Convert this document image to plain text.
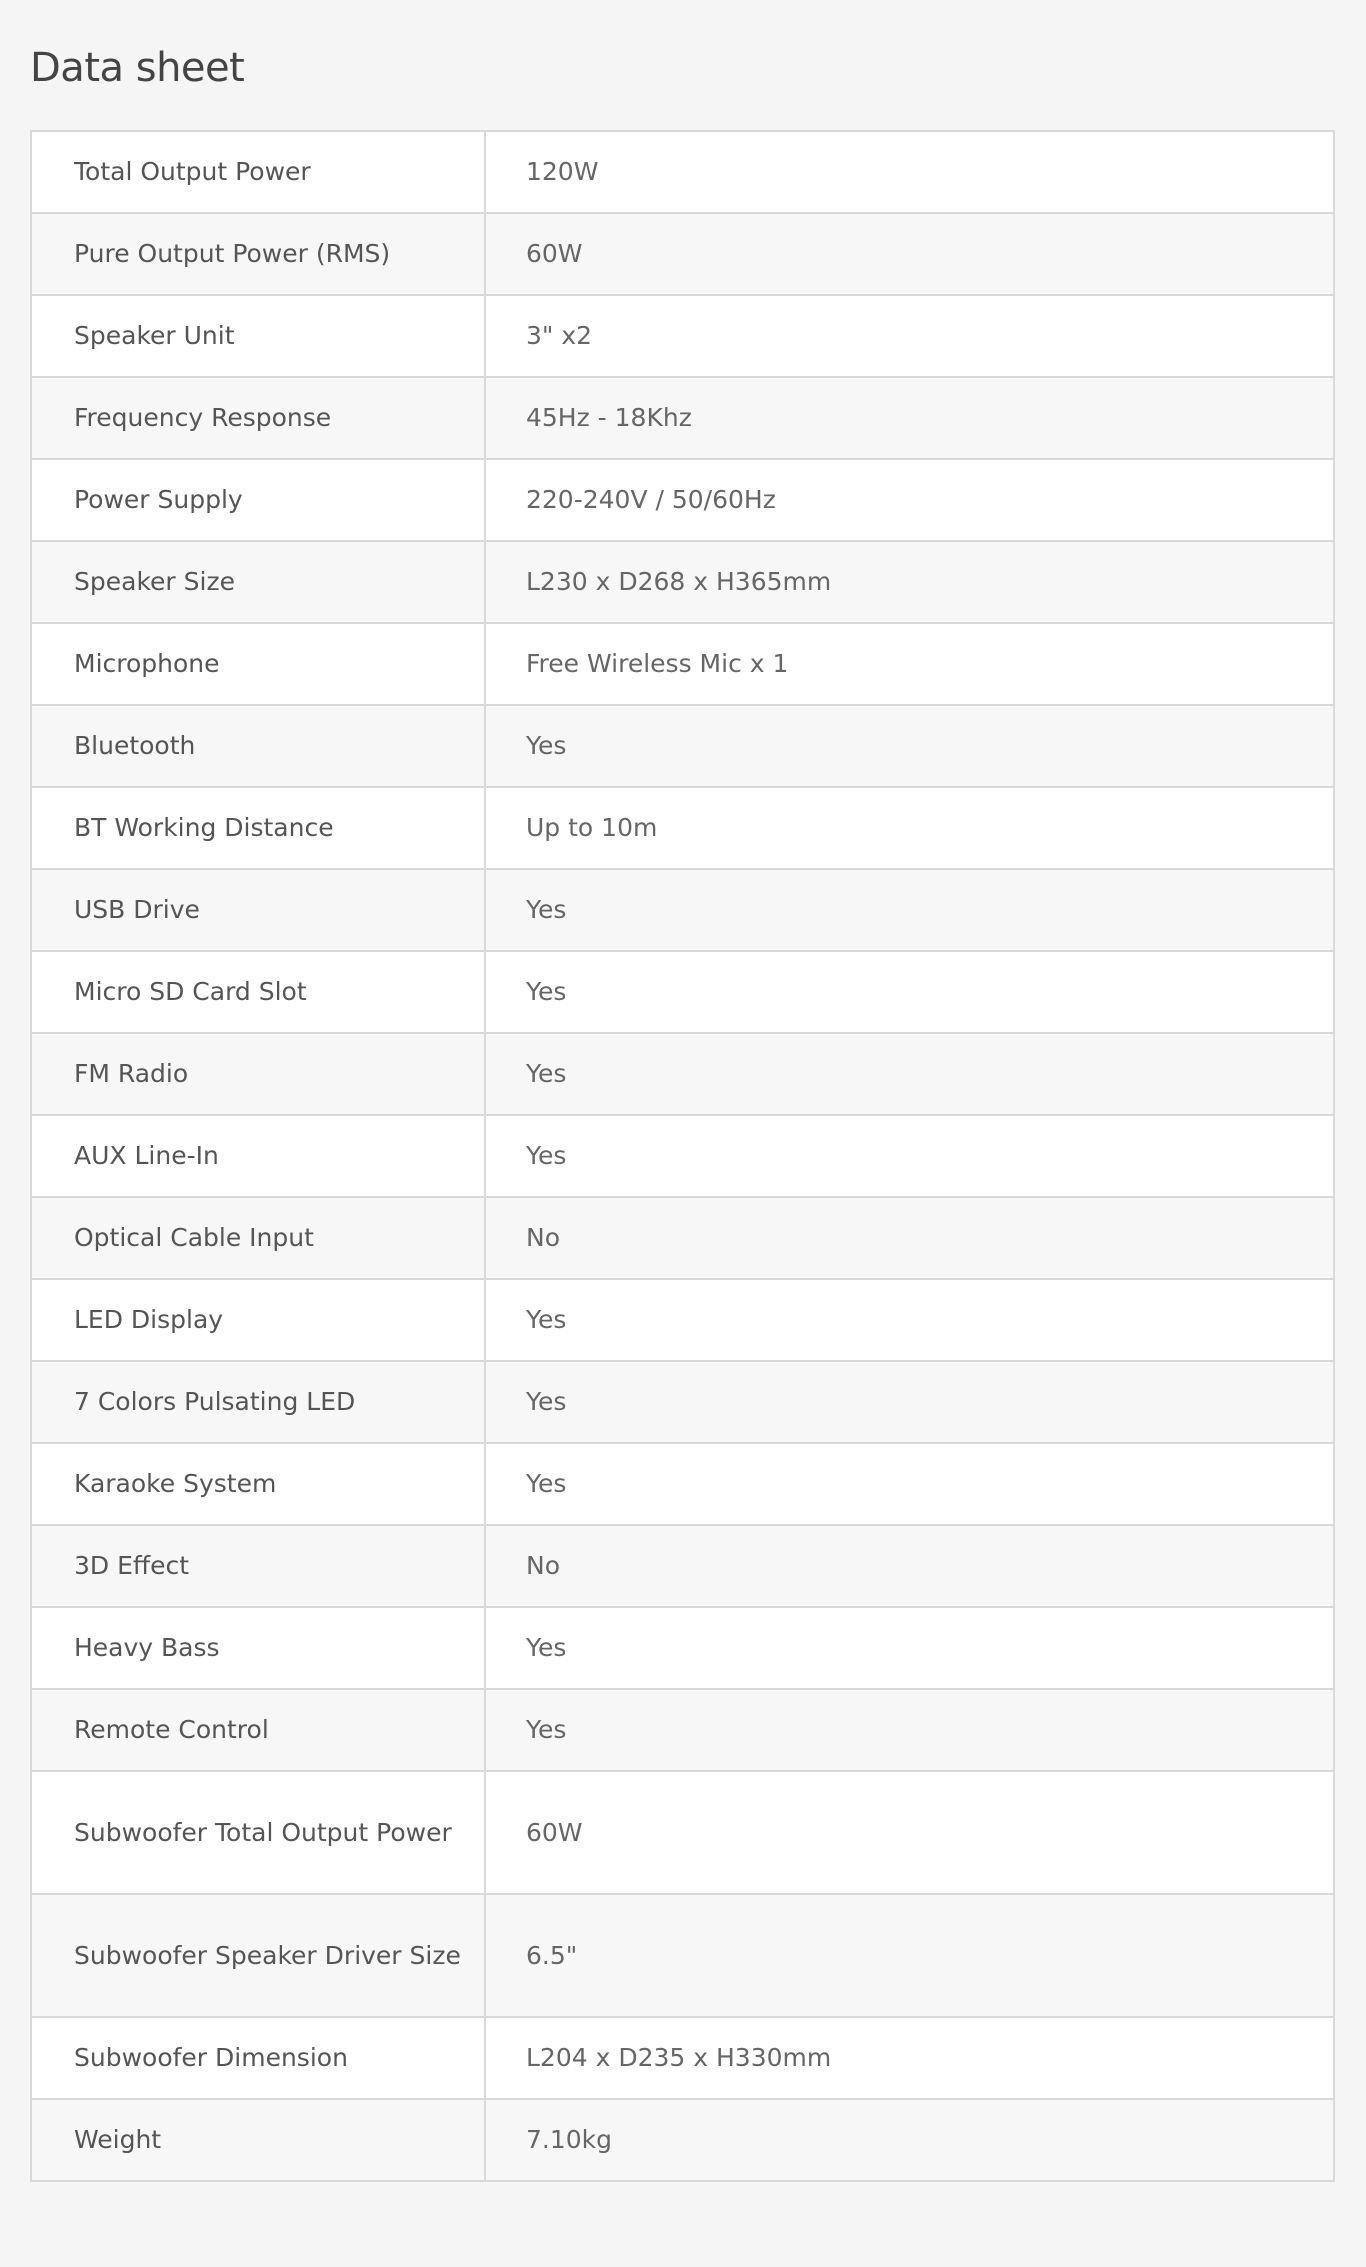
Data sheet
Total Output Power	120W
Pure Output Power (RMS)	60W
Speaker Unit	3" x2
Frequency Response	45Hz - 18Khz
Power Supply	220-240V / 50/60Hz
Speaker Size	L230 x D268 x H365mm
Microphone	Free Wireless Mic x 1
Bluetooth	Yes
BT Working Distance	Up to 10m
USB Drive	Yes
Micro SD Card Slot	Yes
FM Radio	Yes
AUX Line-In	Yes
Optical Cable Input	No
LED Display	Yes
7 Colors Pulsating LED	Yes
Karaoke System	Yes
3D Effect	No
Heavy Bass	Yes
Remote Control	Yes
Subwoofer Total Output Power	60W
Subwoofer Speaker Driver Size	6.5"
Subwoofer Dimension	L204 x D235 x H330mm
Weight	7.10kg
